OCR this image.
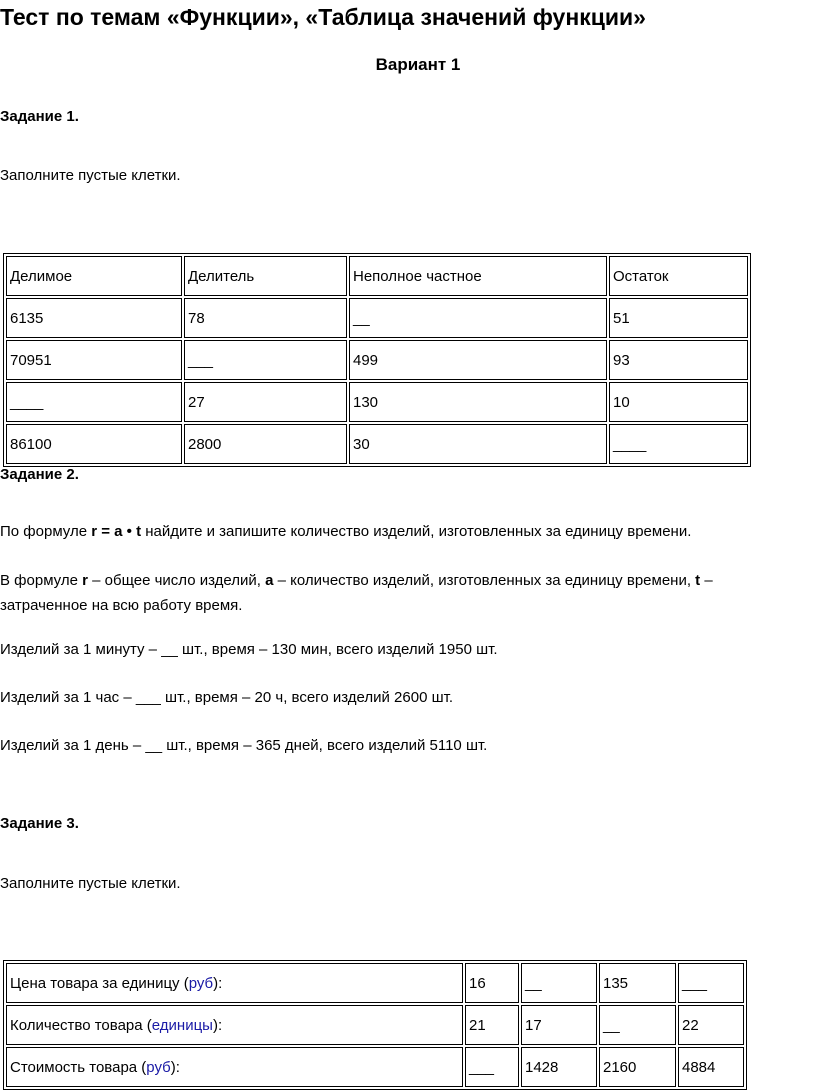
Тест по темам «Функции», «Таблица значений функции»
Вариант 1
Задание 1.
Заполните пустые клетки.
Делимое	Делитель	Неполное частное	Остаток
6135	78	__	51
70951	___	499	93
____	27	130	10
86100	2800	30	____
Задание 2.
По формуле r = a • t найдите и запишите количество изделий, изготовленных за единицу времени.
В формуле r – общее число изделий, a – количество изделий, изготовленных за единицу времени, t – затраченное на всю работу время.
Изделий за 1 минуту – __ шт., время – 130 мин, всего изделий 1950 шт.
Изделий за 1 час – ___ шт., время – 20 ч, всего изделий 2600 шт.
Изделий за 1 день – __ шт., время – 365 дней, всего изделий 5110 шт.
Задание 3.
Заполните пустые клетки.
Цена товара за единицу (руб):	16	__	135	___
Количество товара (единицы):	21	17	__	22
Стоимость товара (руб):	___	1428	2160	4884
